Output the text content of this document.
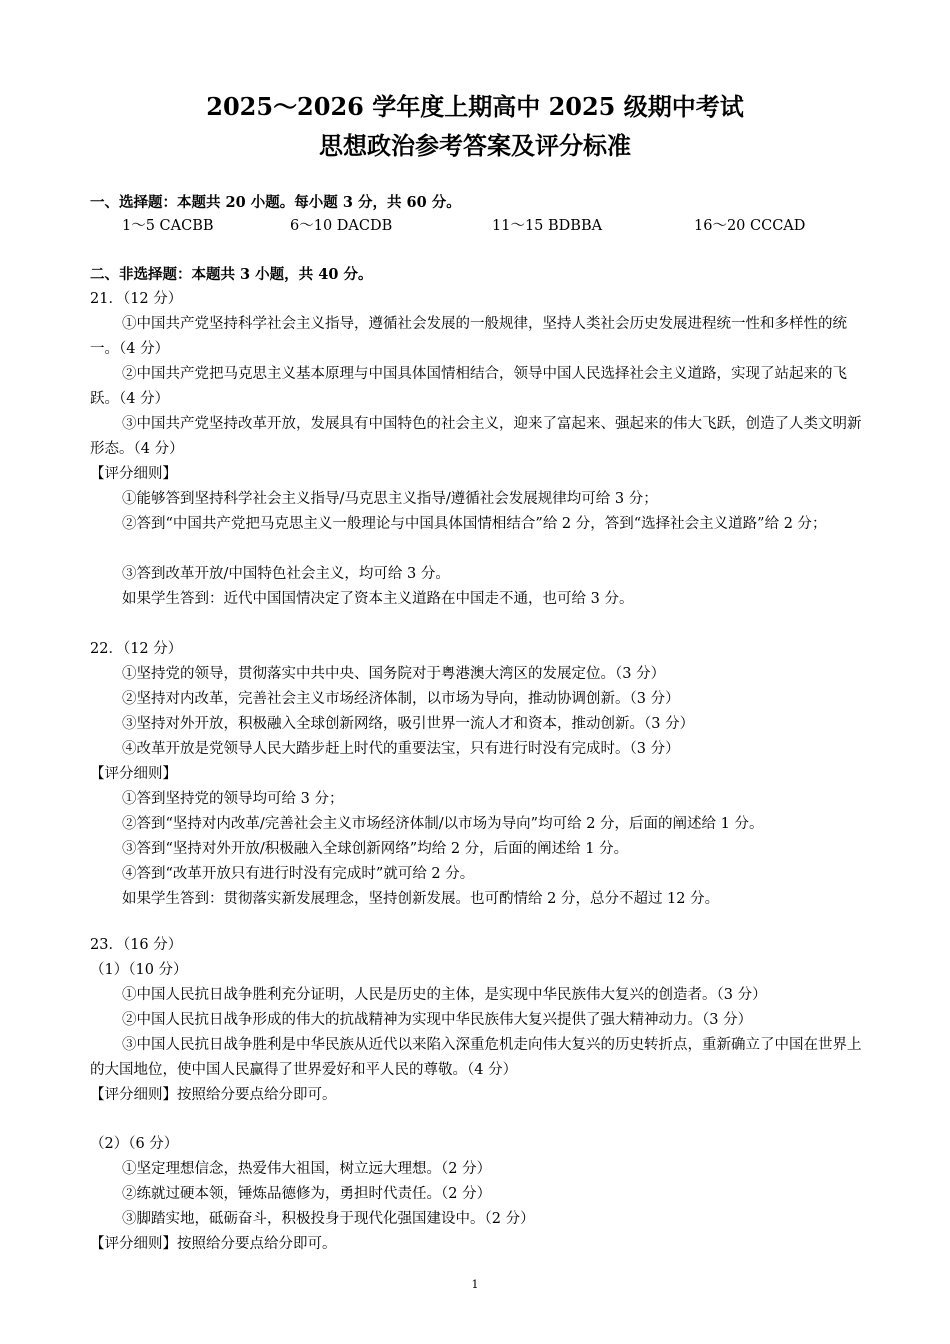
2025～2026 学年度上期高中 2025 级期中考试
思想政治参考答案及评分标准
一、选择题：本题共 20 小题。每小题 3 分，共 60 分。
1～5 CACBB	6～10 DACDB	11～15 BDBBA	16～20 CCCAD
二、非选择题：本题共 3 小题，共 40 分。
21．（12 分）
①中国共产党坚持科学社会主义指导，遵循社会发展的一般规律，坚持人类社会历史发展进程统一性和多样性的统一。（4 分）
②中国共产党把马克思主义基本原理与中国具体国情相结合，领导中国人民选择社会主义道路，实现了站起来的飞跃。（4 分）
③中国共产党坚持改革开放，发展具有中国特色的社会主义，迎来了富起来、强起来的伟大飞跃，创造了人类文明新形态。（4 分）
【评分细则】
①能够答到坚持科学社会主义指导/马克思主义指导/遵循社会发展规律均可给 3 分；
②答到“中国共产党把马克思主义一般理论与中国具体国情相结合”给 2 分，答到“选择社会主义道路”给 2 分；
③答到改革开放/中国特色社会主义，均可给 3 分。
如果学生答到：近代中国国情决定了资本主义道路在中国走不通，也可给 3 分。
22．（12 分）
①坚持党的领导，贯彻落实中共中央、国务院对于粤港澳大湾区的发展定位。（3 分）
②坚持对内改革，完善社会主义市场经济体制，以市场为导向，推动协调创新。（3 分）
③坚持对外开放，积极融入全球创新网络，吸引世界一流人才和资本，推动创新。（3 分）
④改革开放是党领导人民大踏步赶上时代的重要法宝，只有进行时没有完成时。（3 分）
【评分细则】
①答到坚持党的领导均可给 3 分；
②答到“坚持对内改革/完善社会主义市场经济体制/以市场为导向”均可给 2 分，后面的阐述给 1 分。
③答到“坚持对外开放/积极融入全球创新网络”均给 2 分，后面的阐述给 1 分。
④答到“改革开放只有进行时没有完成时”就可给 2 分。
如果学生答到：贯彻落实新发展理念，坚持创新发展。也可酌情给 2 分，总分不超过 12 分。
23．（16 分）
（1）（10 分）
①中国人民抗日战争胜利充分证明，人民是历史的主体，是实现中华民族伟大复兴的创造者。（3 分）
②中国人民抗日战争形成的伟大的抗战精神为实现中华民族伟大复兴提供了强大精神动力。（3 分）
③中国人民抗日战争胜利是中华民族从近代以来陷入深重危机走向伟大复兴的历史转折点，重新确立了中国在世界上的大国地位，使中国人民赢得了世界爱好和平人民的尊敬。（4 分）
【评分细则】按照给分要点给分即可。
（2）（6 分）
①坚定理想信念，热爱伟大祖国，树立远大理想。（2 分）
②练就过硬本领，锤炼品德修为，勇担时代责任。（2 分）
③脚踏实地，砥砺奋斗，积极投身于现代化强国建设中。（2 分）
【评分细则】按照给分要点给分即可。
1
